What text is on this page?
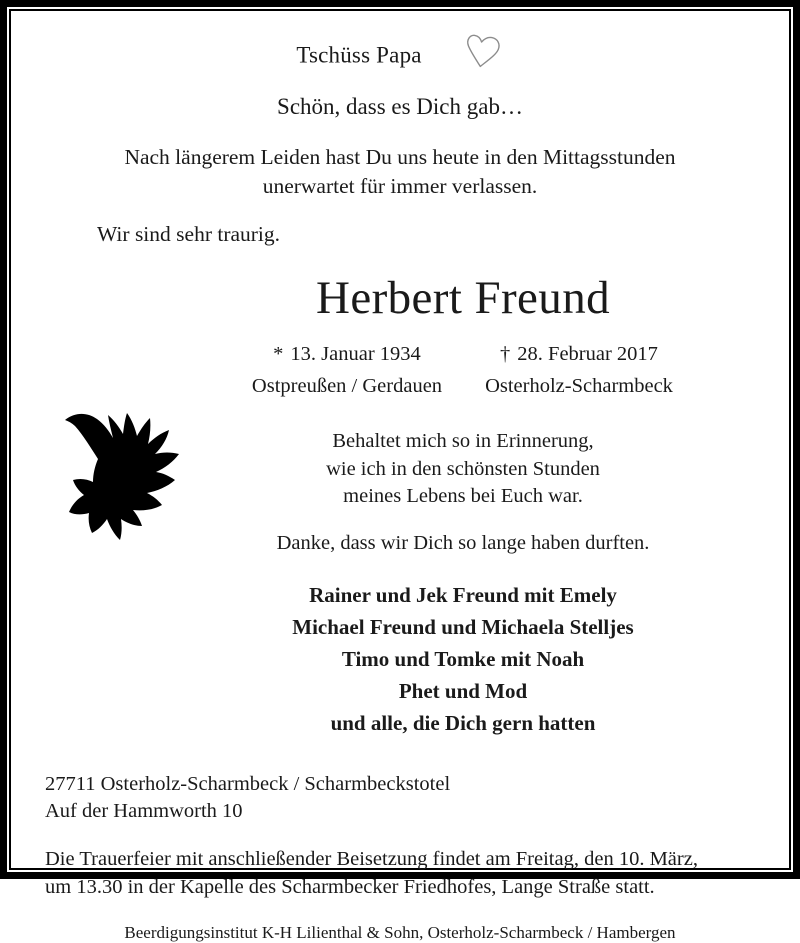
Tschüss Papa
Schön, dass es Dich gab…
Nach längerem Leiden hast Du uns heute in den Mittagsstunden
unerwartet für immer verlassen.
Wir sind sehr traurig.
Herbert Freund
* 13. Januar 1934
Ostpreußen / Gerdauen
† 28. Februar 2017
Osterholz-Scharmbeck
Behaltet mich so in Erinnerung,
wie ich in den schönsten Stunden
meines Lebens bei Euch war.
Danke, dass wir Dich so lange haben durften.
Rainer und Jek Freund mit Emely
Michael Freund und Michaela Stelljes
Timo und Tomke mit Noah
Phet und Mod
und alle, die Dich gern hatten
27711 Osterholz-Scharmbeck / Scharmbeckstotel
Auf der Hammworth 10
Die Trauerfeier mit anschließender Beisetzung findet am Freitag, den 10. März,
um 13.30 in der Kapelle des Scharmbecker Friedhofes, Lange Straße statt.
Beerdigungsinstitut K-H Lilienthal & Sohn, Osterholz-Scharmbeck / Hambergen
